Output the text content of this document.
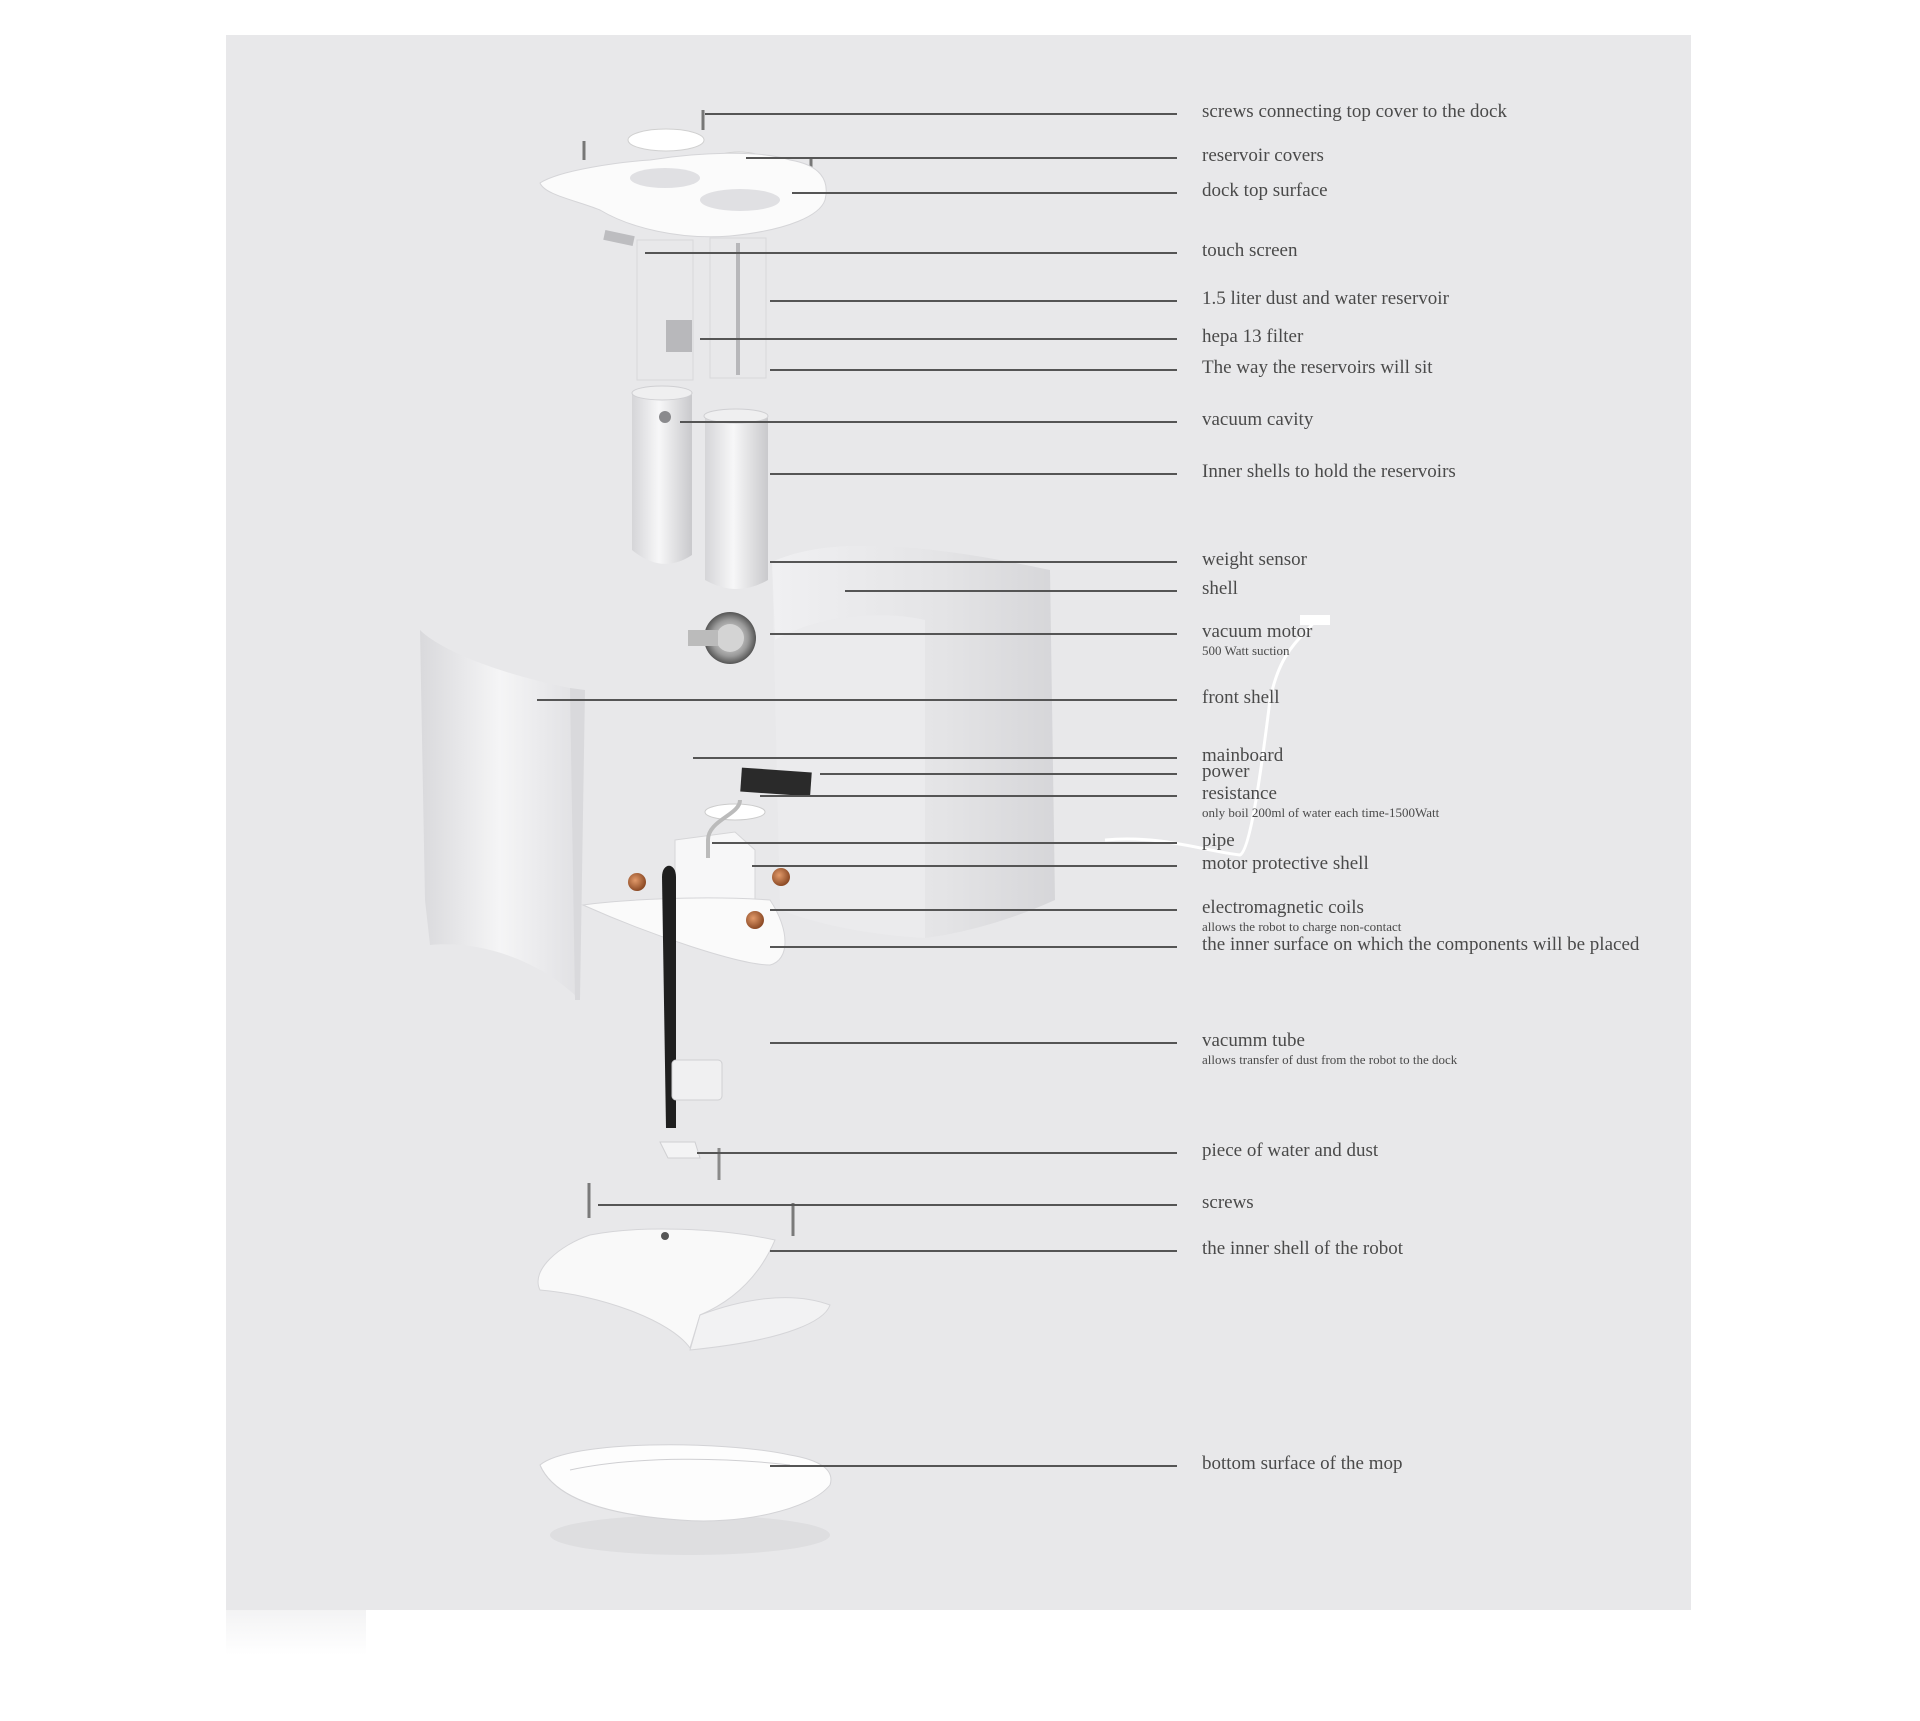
screws connecting top cover to the dock
reservoir covers
dock top surface
touch screen
1.5 liter dust and water reservoir
hepa 13 filter
The way the reservoirs will sit
vacuum cavity
Inner shells to hold the reservoirs
weight sensor
shell
vacuum motor
500 Watt suction
front shell
mainboard
power
resistance
only boil 200ml of water each time-1500Watt
pipe
motor protective shell
electromagnetic coils
allows the robot to charge non-contact
the inner surface on which the components will be placed
vacumm tube
allows transfer of dust from the robot to the dock
piece of water and dust
screws
the inner shell of the robot
bottom surface of the mop
